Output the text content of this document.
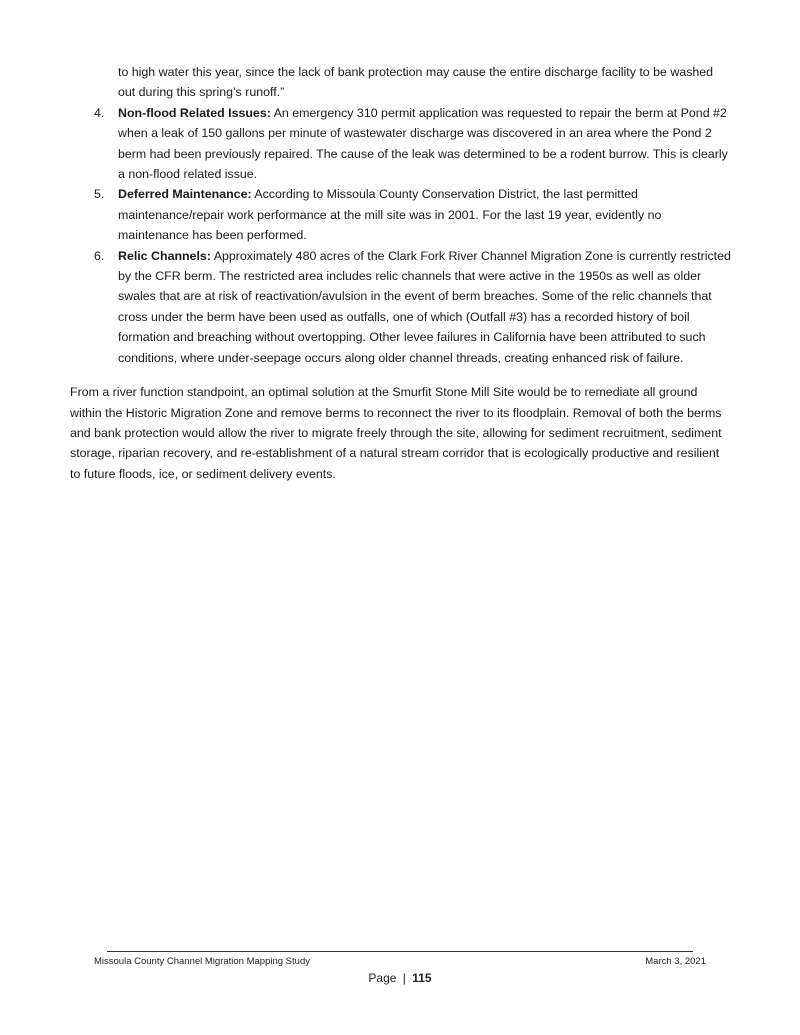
to high water this year, since the lack of bank protection may cause the entire discharge facility to be washed out during this spring’s runoff.”

4. Non-flood Related Issues: An emergency 310 permit application was requested to repair the berm at Pond #2 when a leak of 150 gallons per minute of wastewater discharge was discovered in an area where the Pond 2 berm had been previously repaired. The cause of the leak was determined to be a rodent burrow. This is clearly a non-flood related issue.
5. Deferred Maintenance: According to Missoula County Conservation District, the last permitted maintenance/repair work performance at the mill site was in 2001. For the last 19 year, evidently no maintenance has been performed.
6. Relic Channels: Approximately 480 acres of the Clark Fork River Channel Migration Zone is currently restricted by the CFR berm. The restricted area includes relic channels that were active in the 1950s as well as older swales that are at risk of reactivation/avulsion in the event of berm breaches. Some of the relic channels that cross under the berm have been used as outfalls, one of which (Outfall #3) has a recorded history of boil formation and breaching without overtopping. Other levee failures in California have been attributed to such conditions, where under-seepage occurs along older channel threads, creating enhanced risk of failure.

From a river function standpoint, an optimal solution at the Smurfit Stone Mill Site would be to remediate all ground within the Historic Migration Zone and remove berms to reconnect the river to its floodplain. Removal of both the berms and bank protection would allow the river to migrate freely through the site, allowing for sediment recruitment, sediment storage, riparian recovery, and re-establishment of a natural stream corridor that is ecologically productive and resilient to future floods, ice, or sediment delivery events.

Missoula County Channel Migration Mapping Study	March 3, 2021
Page | 115
